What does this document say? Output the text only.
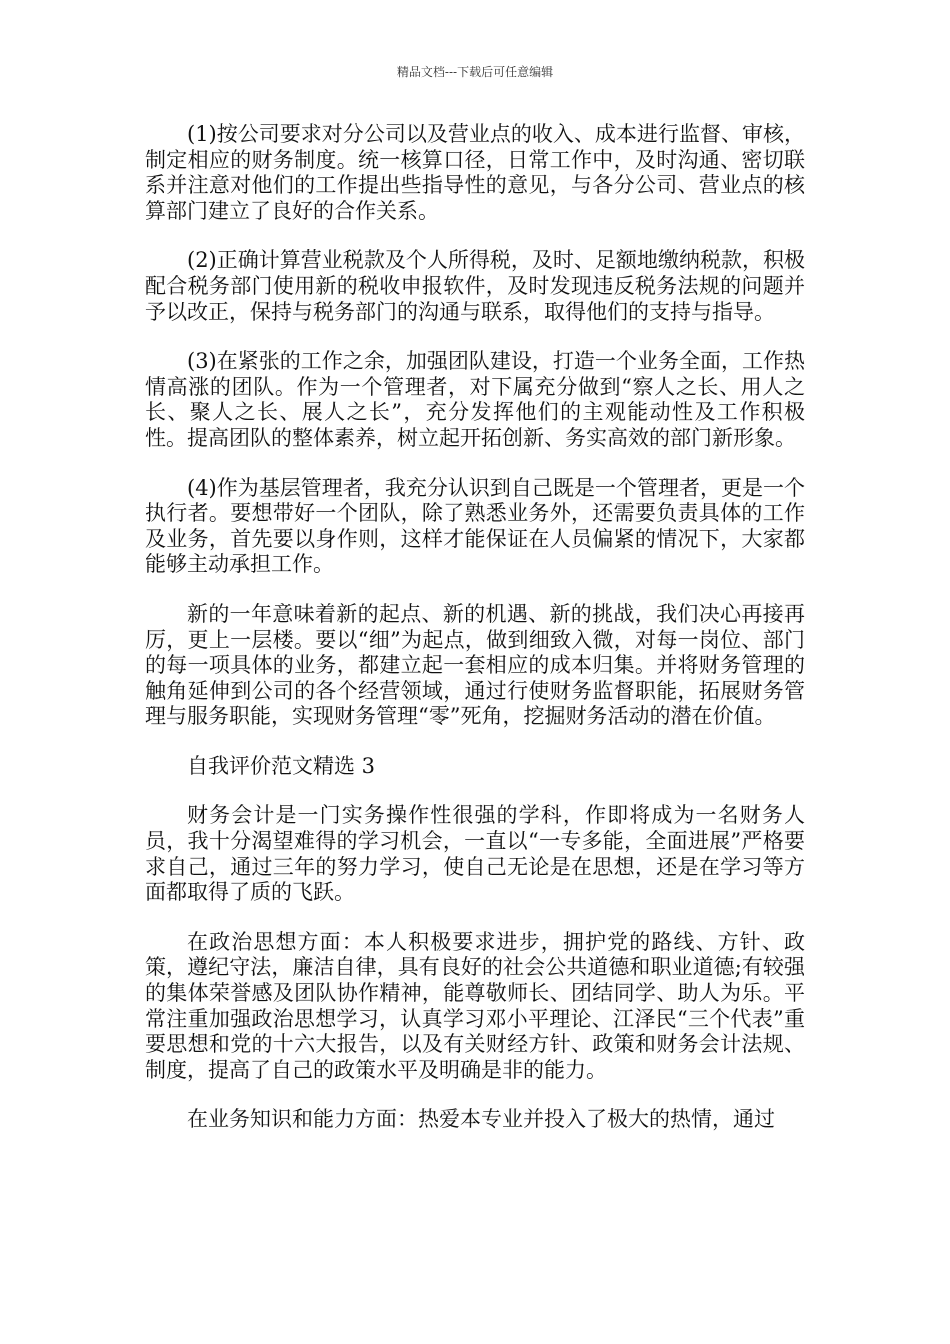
精品文档---下载后可任意编辑

(1)按公司要求对分公司以及营业点的收入、成本进行监督、审核，制定相应的财务制度。统一核算口径，日常工作中，及时沟通、密切联系并注意对他们的工作提出些指导性的意见，与各分公司、营业点的核算部门建立了良好的合作关系。

(2)正确计算营业税款及个人所得税，及时、足额地缴纳税款，积极配合税务部门使用新的税收申报软件，及时发现违反税务法规的问题并予以改正，保持与税务部门的沟通与联系，取得他们的支持与指导。

(3)在紧张的工作之余，加强团队建设，打造一个业务全面，工作热情高涨的团队。作为一个管理者，对下属充分做到“察人之长、用人之长、聚人之长、展人之长”，充分发挥他们的主观能动性及工作积极性。提高团队的整体素养，树立起开拓创新、务实高效的部门新形象。

(4)作为基层管理者，我充分认识到自己既是一个管理者，更是一个执行者。要想带好一个团队，除了熟悉业务外，还需要负责具体的工作及业务，首先要以身作则，这样才能保证在人员偏紧的情况下，大家都能够主动承担工作。

新的一年意味着新的起点、新的机遇、新的挑战，我们决心再接再厉，更上一层楼。要以“细”为起点，做到细致入微，对每一岗位、部门的每一项具体的业务，都建立起一套相应的成本归集。并将财务管理的触角延伸到公司的各个经营领域，通过行使财务监督职能，拓展财务管理与服务职能，实现财务管理“零”死角，挖掘财务活动的潜在价值。

自我评价范文精选 3

财务会计是一门实务操作性很强的学科，作即将成为一名财务人员，我十分渴望难得的学习机会，一直以“一专多能，全面进展”严格要求自己，通过三年的努力学习，使自己无论是在思想，还是在学习等方面都取得了质的飞跃。

在政治思想方面：本人积极要求进步，拥护党的路线、方针、政策，遵纪守法，廉洁自律，具有良好的社会公共道德和职业道德;有较强的集体荣誉感及团队协作精神，能尊敬师长、团结同学、助人为乐。平常注重加强政治思想学习，认真学习邓小平理论、江泽民“三个代表”重要思想和党的十六大报告，以及有关财经方针、政策和财务会计法规、制度，提高了自己的政策水平及明确是非的能力。

在业务知识和能力方面：热爱本专业并投入了极大的热情，通过
